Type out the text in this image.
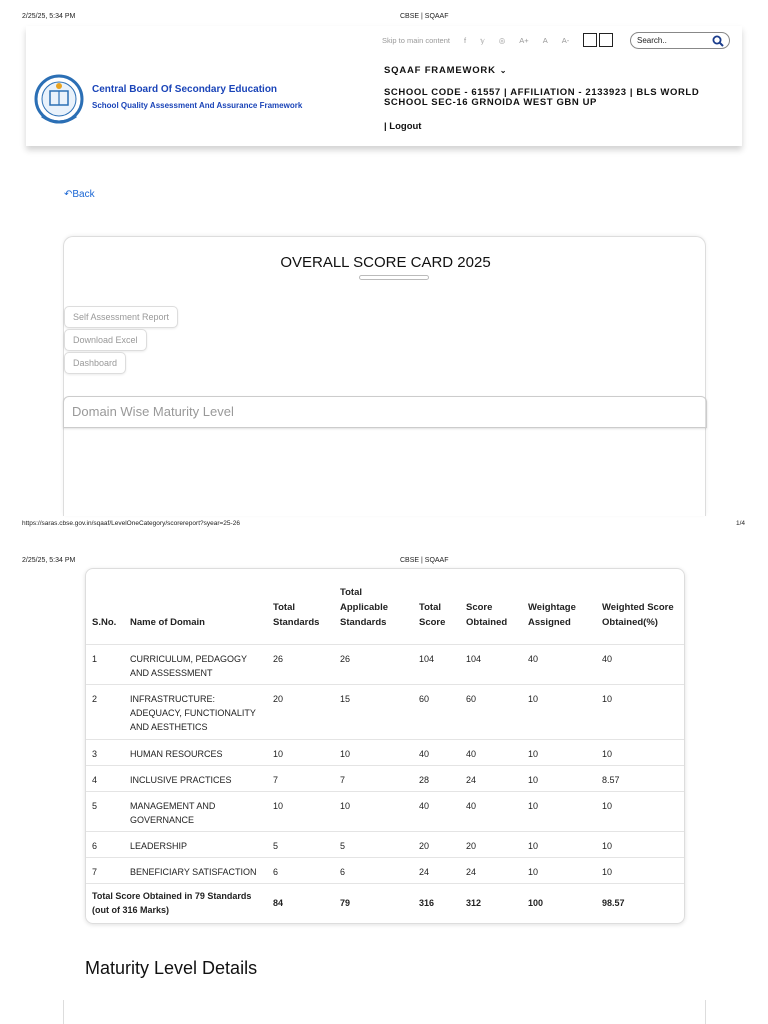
2/25/25, 5:34 PM	CBSE | SQAAF
Central Board Of Secondary Education
School Quality Assessment And Assurance Framework
Skip to main content f 𝕪 ◎ A+ A A-	Search..
SQAAF FRAMEWORK ⌄
SCHOOL CODE - 61557 | AFFILIATION - 2133923 | BLS WORLD SCHOOL SEC-16 GRNOIDA WEST GBN UP
| Logout
↶Back
OVERALL SCORE CARD 2025
Self Assessment Report
Download Excel
Dashboard
Domain Wise Maturity Level
https://saras.cbse.gov.in/sqaaf/LevelOneCategory/scorereport?syear=25-26	1/4
2/25/25, 5:34 PM	CBSE | SQAAF
S.No.	Name of Domain	Total Standards	Total Applicable Standards	Total Score	Score Obtained	Weightage Assigned	Weighted Score Obtained(%)
1	CURRICULUM, PEDAGOGY AND ASSESSMENT	26	26	104	104	40	40
2	INFRASTRUCTURE: ADEQUACY, FUNCTIONALITY AND AESTHETICS	20	15	60	60	10	10
3	HUMAN RESOURCES	10	10	40	40	10	10
4	INCLUSIVE PRACTICES	7	7	28	24	10	8.57
5	MANAGEMENT AND GOVERNANCE	10	10	40	40	10	10
6	LEADERSHIP	5	5	20	20	10	10
7	BENEFICIARY SATISFACTION	6	6	24	24	10	10
Total Score Obtained in 79 Standards (out of 316 Marks)		84	79	316	312	100	98.57
Maturity Level Details
